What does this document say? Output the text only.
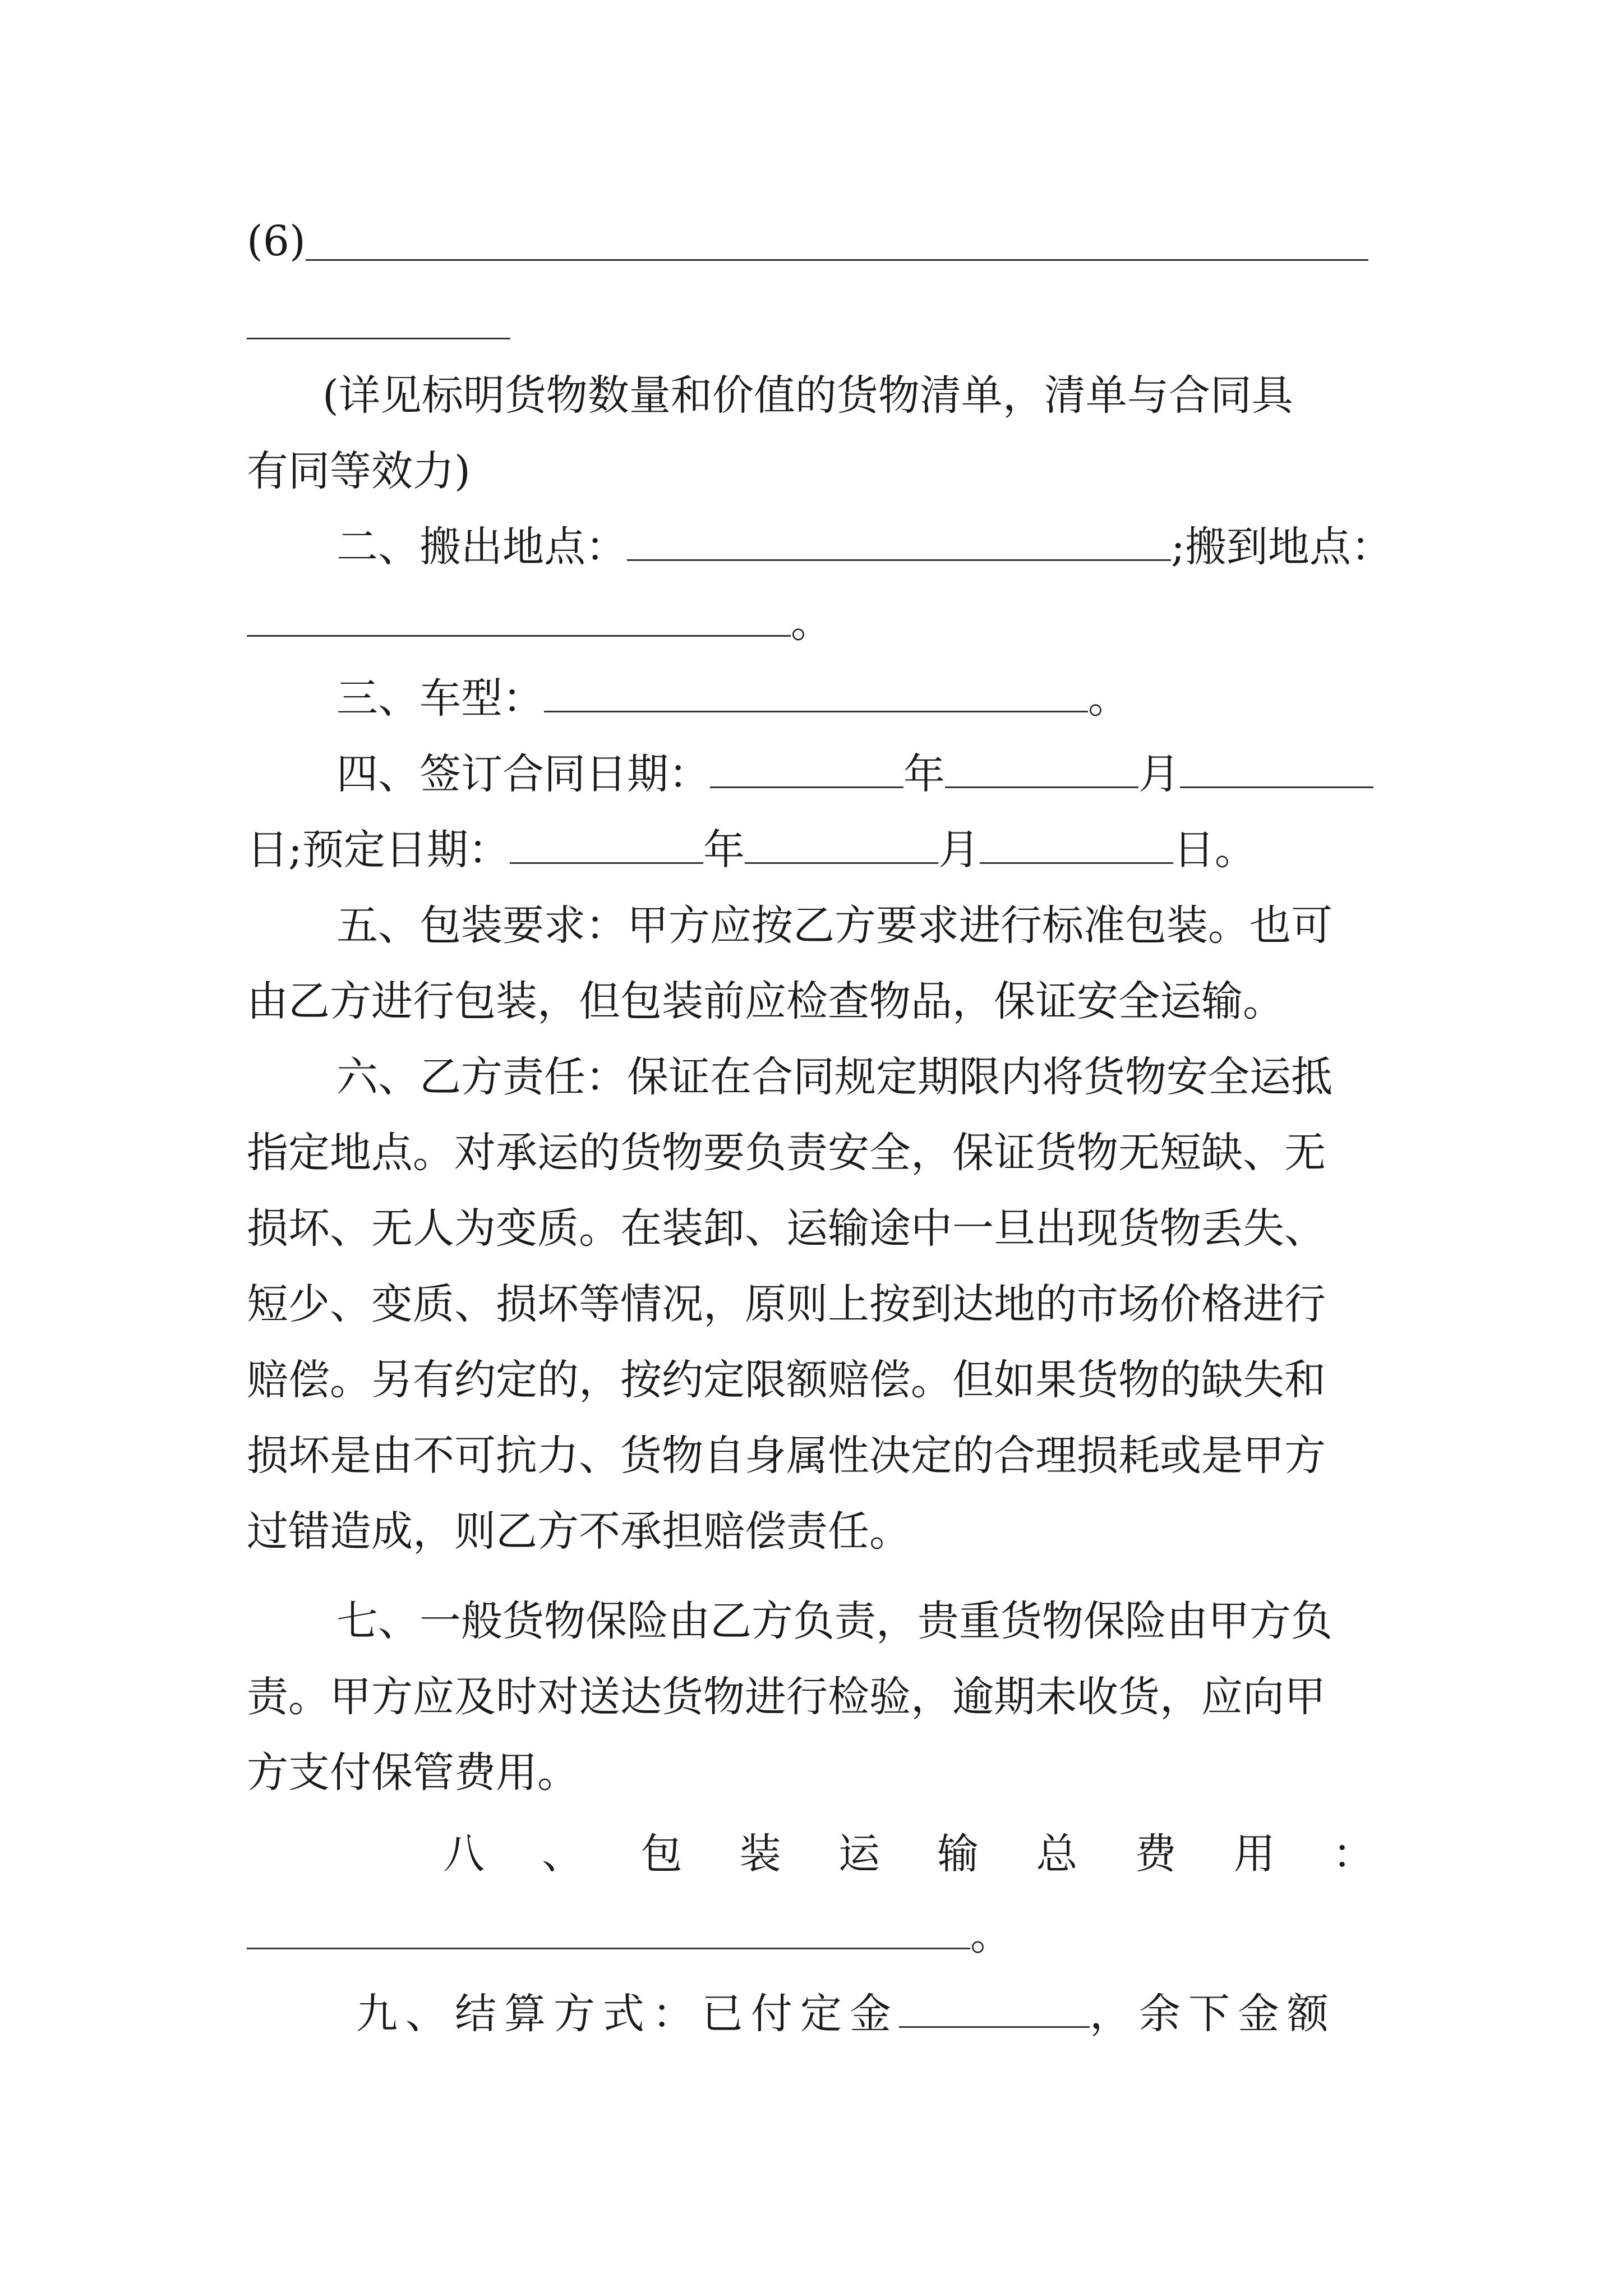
(6)

(详见标明货物数量和价值的货物清单，清单与合同具

有同等效力)

二、搬出地点：	;搬到地点：
。
三、车型：	。
四、签订合同日期：	年	月
日;预定日期：	年	月	日。

五、包装要求：甲方应按乙方要求进行标准包装。也可

由乙方进行包装，但包装前应检查物品，保证安全运输。

六、乙方责任：保证在合同规定期限内将货物安全运抵

指定地点。对承运的货物要负责安全，保证货物无短缺、无

损坏、无人为变质。在装卸、运输途中一旦出现货物丢失、

短少、变质、损坏等情况，原则上按到达地的市场价格进行

赔偿。另有约定的，按约定限额赔偿。但如果货物的缺失和

损坏是由不可抗力、货物自身属性决定的合理损耗或是甲方

过错造成，则乙方不承担赔偿责任。

七、一般货物保险由乙方负责，贵重货物保险由甲方负

责。甲方应及时对送达货物进行检验，逾期未收货，应向甲

方支付保管费用。

八 、 包 装 运 输 总 费 用 ：
。
九、结算方式：已付定金	，余下金额
